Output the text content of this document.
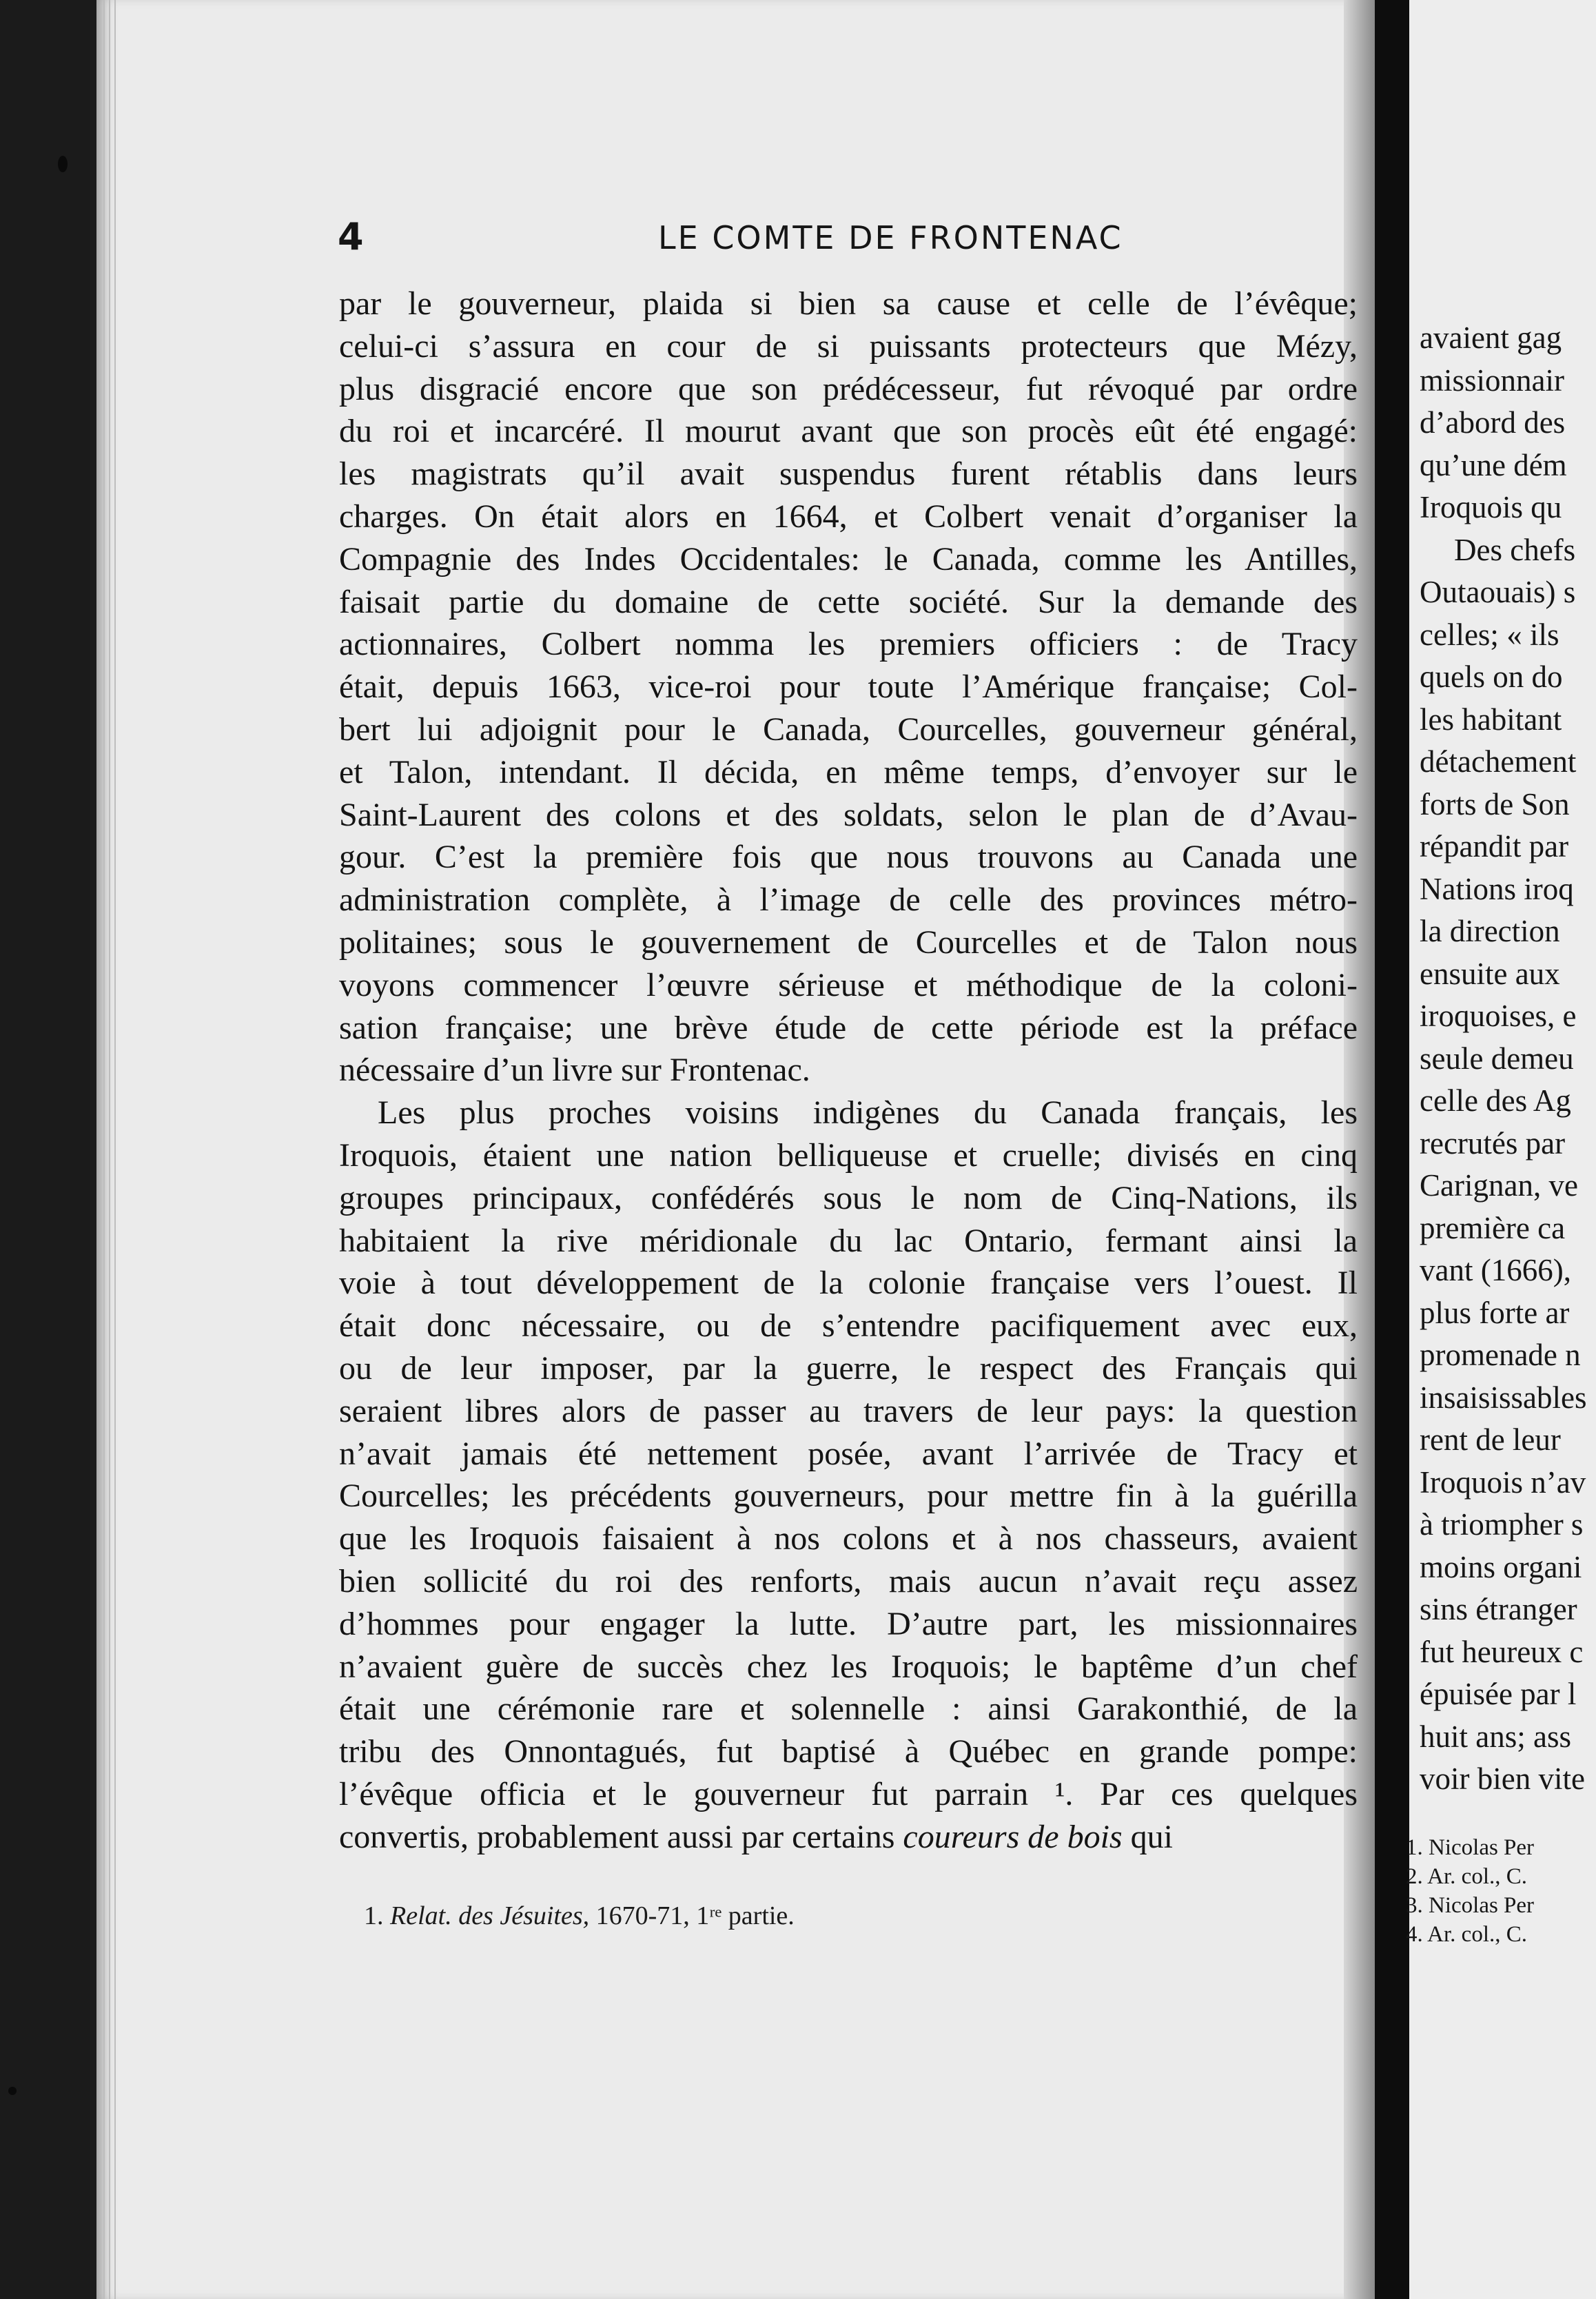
4	LE COMTE DE FRONTENAC
par le gouverneur, plaida si bien sa cause et celle de l’évêque;
celui-ci s’assura en cour de si puissants protecteurs que Mézy,
plus disgracié encore que son prédécesseur, fut révoqué par ordre
du roi et incarcéré. Il mourut avant que son procès eût été engagé:
les magistrats qu’il avait suspendus furent rétablis dans leurs
charges. On était alors en 1664, et Colbert venait d’organiser la
Compagnie des Indes Occidentales: le Canada, comme les Antilles,
faisait partie du domaine de cette société. Sur la demande des
actionnaires, Colbert nomma les premiers officiers : de Tracy
était, depuis 1663, vice-roi pour toute l’Amérique française; Col-
bert lui adjoignit pour le Canada, Courcelles, gouverneur général,
et Talon, intendant. Il décida, en même temps, d’envoyer sur le
Saint-Laurent des colons et des soldats, selon le plan de d’Avau-
gour. C’est la première fois que nous trouvons au Canada une
administration complète, à l’image de celle des provinces métro-
politaines; sous le gouvernement de Courcelles et de Talon nous
voyons commencer l’œuvre sérieuse et méthodique de la coloni-
sation française; une brève étude de cette période est la préface
nécessaire d’un livre sur Frontenac.
Les plus proches voisins indigènes du Canada français, les
Iroquois, étaient une nation belliqueuse et cruelle; divisés en cinq
groupes principaux, confédérés sous le nom de Cinq-Nations, ils
habitaient la rive méridionale du lac Ontario, fermant ainsi la
voie à tout développement de la colonie française vers l’ouest. Il
était donc nécessaire, ou de s’entendre pacifiquement avec eux,
ou de leur imposer, par la guerre, le respect des Français qui
seraient libres alors de passer au travers de leur pays: la question
n’avait jamais été nettement posée, avant l’arrivée de Tracy et
Courcelles; les précédents gouverneurs, pour mettre fin à la guérilla
que les Iroquois faisaient à nos colons et à nos chasseurs, avaient
bien sollicité du roi des renforts, mais aucun n’avait reçu assez
d’hommes pour engager la lutte. D’autre part, les missionnaires
n’avaient guère de succès chez les Iroquois; le baptême d’un chef
était une cérémonie rare et solennelle : ainsi Garakonthié, de la
tribu des Onnontagués, fut baptisé à Québec en grande pompe:
l’évêque officia et le gouverneur fut parrain ¹. Par ces quelques
convertis, probablement aussi par certains coureurs de bois qui
1. Relat. des Jésuites, 1670-71, 1ʳᵉ partie.
avaient gag
missionnair
d’abord des
qu’une dém
Iroquois qu
Des chefs
Outaouais) s
celles; « ils
quels on do
les habitant
détachement
forts de Son
répandit par
Nations iroq
la direction
ensuite aux
iroquoises, e
seule demeu
celle des Ag
recrutés par
Carignan, ve
première ca
vant (1666),
plus forte ar
promenade n
insaisissables
rent de leur
Iroquois n’av
à triompher s
moins organi
sins étranger
fut heureux c
épuisée par l
huit ans; ass
voir bien vite
1. Nicolas Per
2. Ar. col., C.
3. Nicolas Per
4. Ar. col., C.
